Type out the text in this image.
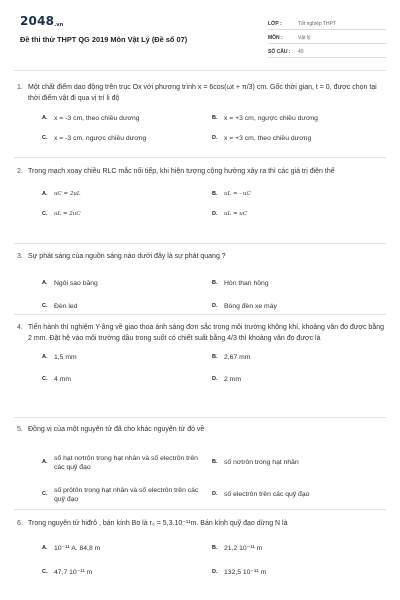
$2048_{.vn}$
Đề thi thử THPT QG 2019 Môn Vật Lý (Đề số 07)
LỚP :	Tốt nghiệp THPT
MÔN :	Vật lý
SỐ CÂU :	40
1. Một chất điểm dao động trên trục Ox với phương trình x = 6cos(ωt + π/3) cm. Gốc thời gian, t = 0, được chọn tại thời điểm vật đi qua vị trí li độ
A. x = -3 cm, theo chiều dương	B. x = +3 cm, ngược chiều dương
C. x = -3 cm, ngược chiều dương	D. x = +3 cm, theo chiều dương
2. Trong mạch xoay chiều RLC mắc nối tiếp, khi hiện tượng cộng hưởng xảy ra thì các giá trị điện thế
A. uC = 2uL	B. uL = - uC
C. uL = 2uC	D. uL = uC
3. Sự phát sáng của nguồn sáng nào dưới đây là sự phát quang ?
A. Ngôi sao băng	B. Hòn than hồng
C. Đèn led	D. Bóng đèn xe máy
4. Tiến hành thí nghiệm Y-âng về giao thoa ánh sáng đơn sắc trong môi trường không khí, khoảng vân đo được bằng 2 mm. Đặt hệ vào môi trường dầu trong suốt có chiết suất bằng 4/3 thì khoảng vân đo được là
A. 1,5 mm	B. 2,67 mm
C. 4 mm	D. 2 mm
5. Đồng vị của một nguyên tử đã cho khác nguyên tử đó về
A. số hạt nơtrôn trong hạt nhân và số electrôn trên các quỹ đạo
B. số nơtrôn trong hạt nhân
C. số prôtôn trong hạt nhân và số electrôn trên các quỹ đạo
D. số electrôn trên các quỹ đạo
6. Trong nguyên tử hiđrô , bán kính Bo là r₀ = 5,3.10⁻¹¹m. Bán kính quỹ đạo dừng N là
A. 10⁻¹¹ A. 84,8 m	B. 21,2 10⁻¹¹ m
C. 47,7 10⁻¹¹ m	D. 132,5 10⁻¹¹ m
